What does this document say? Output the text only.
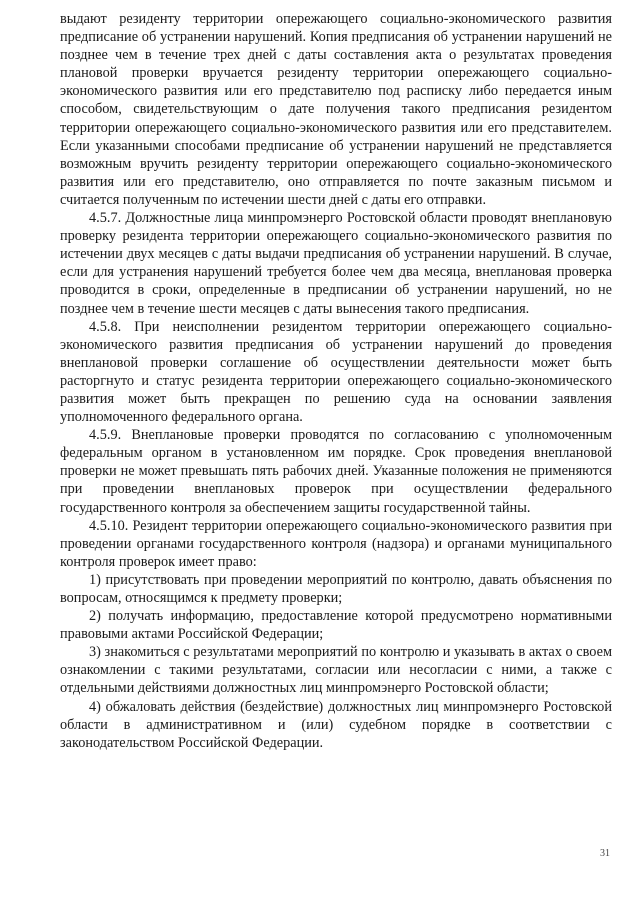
выдают резиденту территории опережающего социально-экономического развития предписание об устранении нарушений. Копия предписания об устранении нарушений не позднее чем в течение трех дней с даты составления акта о результатах проведения плановой проверки вручается резиденту территории опережающего социально-экономического развития или его представителю под расписку либо передается иным способом, свидетельствующим о дате получения такого предписания резидентом территории опережающего социально-экономического развития или его представителем. Если указанными способами предписание об устранении нарушений не представляется возможным вручить резиденту территории опережающего социально-экономического развития или его представителю, оно отправляется по почте заказным письмом и считается полученным по истечении шести дней с даты его отправки.

4.5.7. Должностные лица минпромэнерго Ростовской области проводят внеплановую проверку резидента территории опережающего социально-экономического развития по истечении двух месяцев с даты выдачи предписания об устранении нарушений. В случае, если для устранения нарушений требуется более чем два месяца, внеплановая проверка проводится в сроки, определенные в предписании об устранении нарушений, но не позднее чем в течение шести месяцев с даты вынесения такого предписания.

4.5.8. При неисполнении резидентом территории опережающего социально-экономического развития предписания об устранении нарушений до проведения внеплановой проверки соглашение об осуществлении деятельности может быть расторгнуто и статус резидента территории опережающего социально-экономического развития может быть прекращен по решению суда на основании заявления уполномоченного федерального органа.

4.5.9. Внеплановые проверки проводятся по согласованию с уполномоченным федеральным органом в установленном им порядке. Срок проведения внеплановой проверки не может превышать пять рабочих дней. Указанные положения не применяются при проведении внеплановых проверок при осуществлении федерального государственного контроля за обеспечением защиты государственной тайны.

4.5.10. Резидент территории опережающего социально-экономического развития при проведении органами государственного контроля (надзора) и органами муниципального контроля проверок имеет право:

1) присутствовать при проведении мероприятий по контролю, давать объяснения по вопросам, относящимся к предмету проверки;

2) получать информацию, предоставление которой предусмотрено нормативными правовыми актами Российской Федерации;

3) знакомиться с результатами мероприятий по контролю и указывать в актах о своем ознакомлении с такими результатами, согласии или несогласии с ними, а также с отдельными действиями должностных лиц минпромэнерго Ростовской области;

4) обжаловать действия (бездействие) должностных лиц минпромэнерго Ростовской области в административном и (или) судебном порядке в соответствии с законодательством Российской Федерации.

31
